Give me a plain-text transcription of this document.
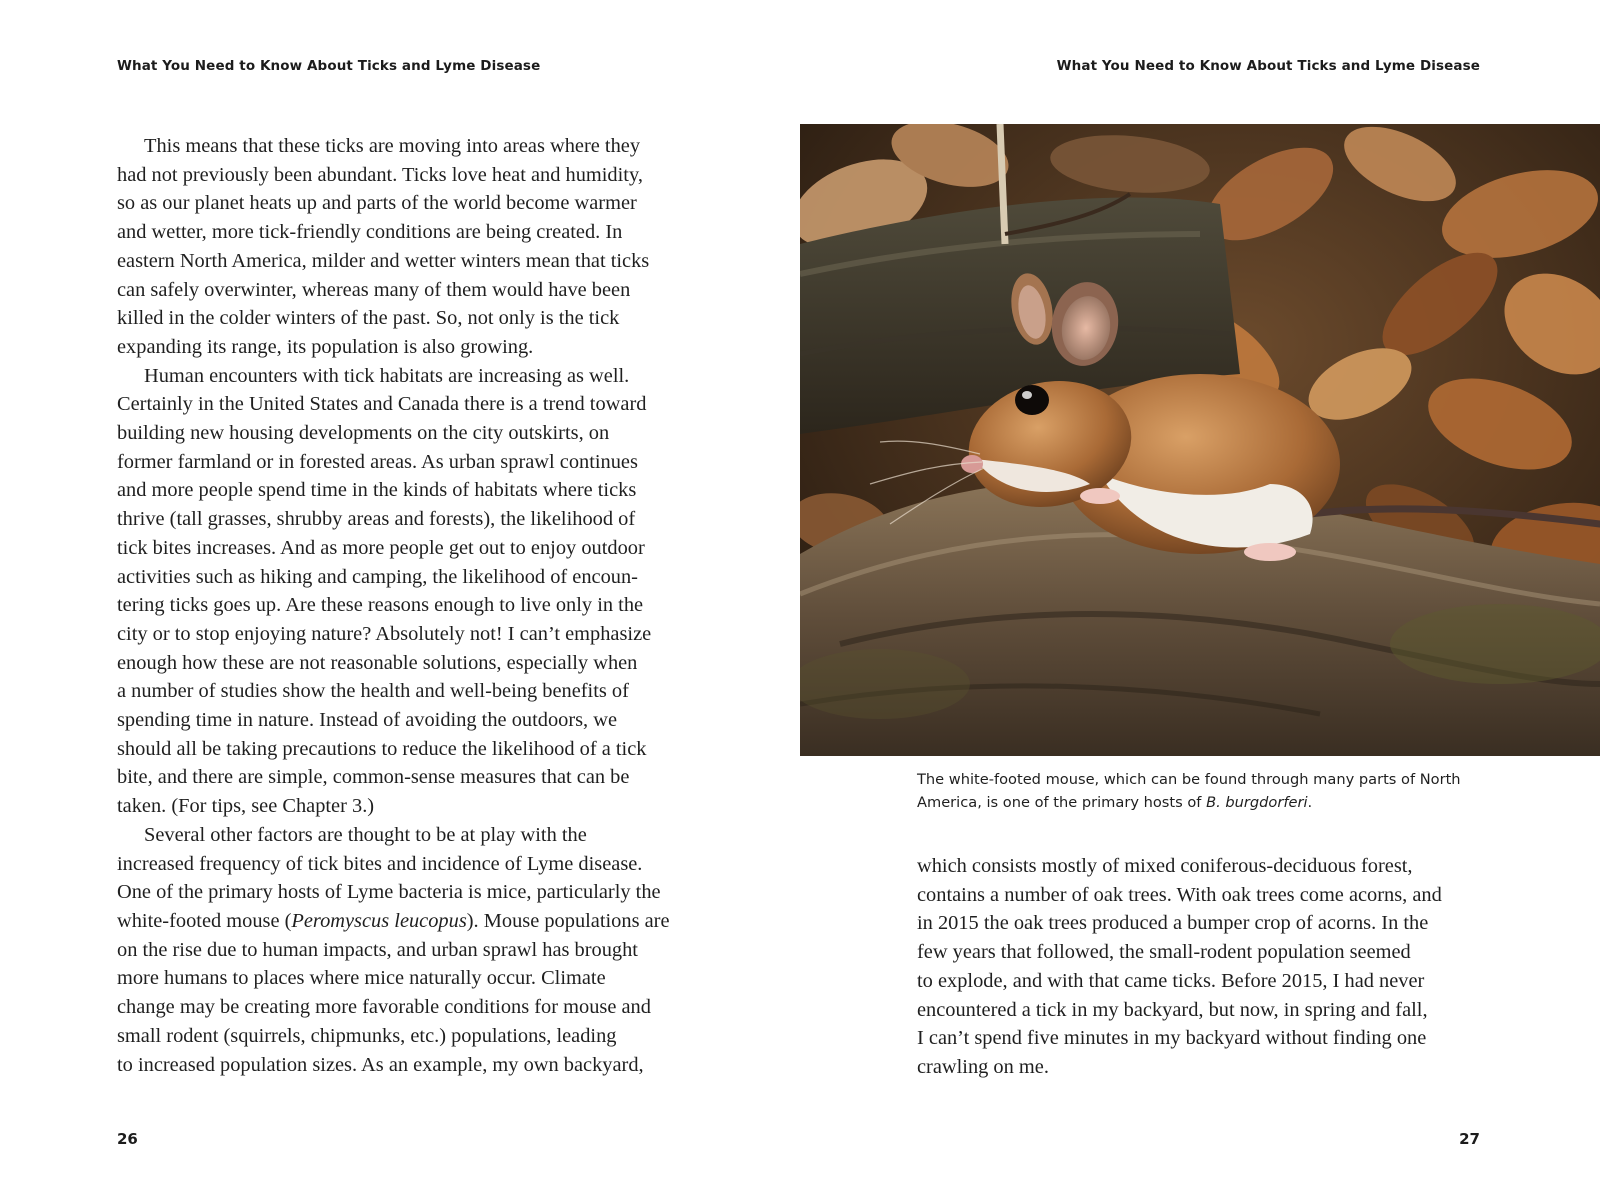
What You Need to Know About Ticks and Lyme Disease
This means that these ticks are moving into areas where they
had not previously been abundant. Ticks love heat and humidity,
so as our planet heats up and parts of the world become warmer
and wetter, more tick-friendly conditions are being created. In
eastern North America, milder and wetter winters mean that ticks
can safely overwinter, whereas many of them would have been
killed in the colder winters of the past. So, not only is the tick
expanding its range, its population is also growing.
Human encounters with tick habitats are increasing as well.
Certainly in the United States and Canada there is a trend toward
building new housing developments on the city outskirts, on
former farmland or in forested areas. As urban sprawl continues
and more people spend time in the kinds of habitats where ticks
thrive (tall grasses, shrubby areas and forests), the likelihood of
tick bites increases. And as more people get out to enjoy outdoor
activities such as hiking and camping, the likelihood of encoun-
tering ticks goes up. Are these reasons enough to live only in the
city or to stop enjoying nature? Absolutely not! I can’t emphasize
enough how these are not reasonable solutions, especially when
a number of studies show the health and well-being benefits of
spending time in nature. Instead of avoiding the outdoors, we
should all be taking precautions to reduce the likelihood of a tick
bite, and there are simple, common-sense measures that can be
taken. (For tips, see Chapter 3.)
Several other factors are thought to be at play with the
increased frequency of tick bites and incidence of Lyme disease.
One of the primary hosts of Lyme bacteria is mice, particularly the
white-footed mouse (Peromyscus leucopus). Mouse populations are
on the rise due to human impacts, and urban sprawl has brought
more humans to places where mice naturally occur. Climate
change may be creating more favorable conditions for mouse and
small rodent (squirrels, chipmunks, etc.) populations, leading
to increased population sizes. As an example, my own backyard,
26
What You Need to Know About Ticks and Lyme Disease
The white-footed mouse, which can be found through many parts of North
America, is one of the primary hosts of B. burgdorferi.
which consists mostly of mixed coniferous-deciduous forest,
contains a number of oak trees. With oak trees come acorns, and
in 2015 the oak trees produced a bumper crop of acorns. In the
few years that followed, the small-rodent population seemed
to explode, and with that came ticks. Before 2015, I had never
encountered a tick in my backyard, but now, in spring and fall,
I can’t spend five minutes in my backyard without finding one
crawling on me.
27
